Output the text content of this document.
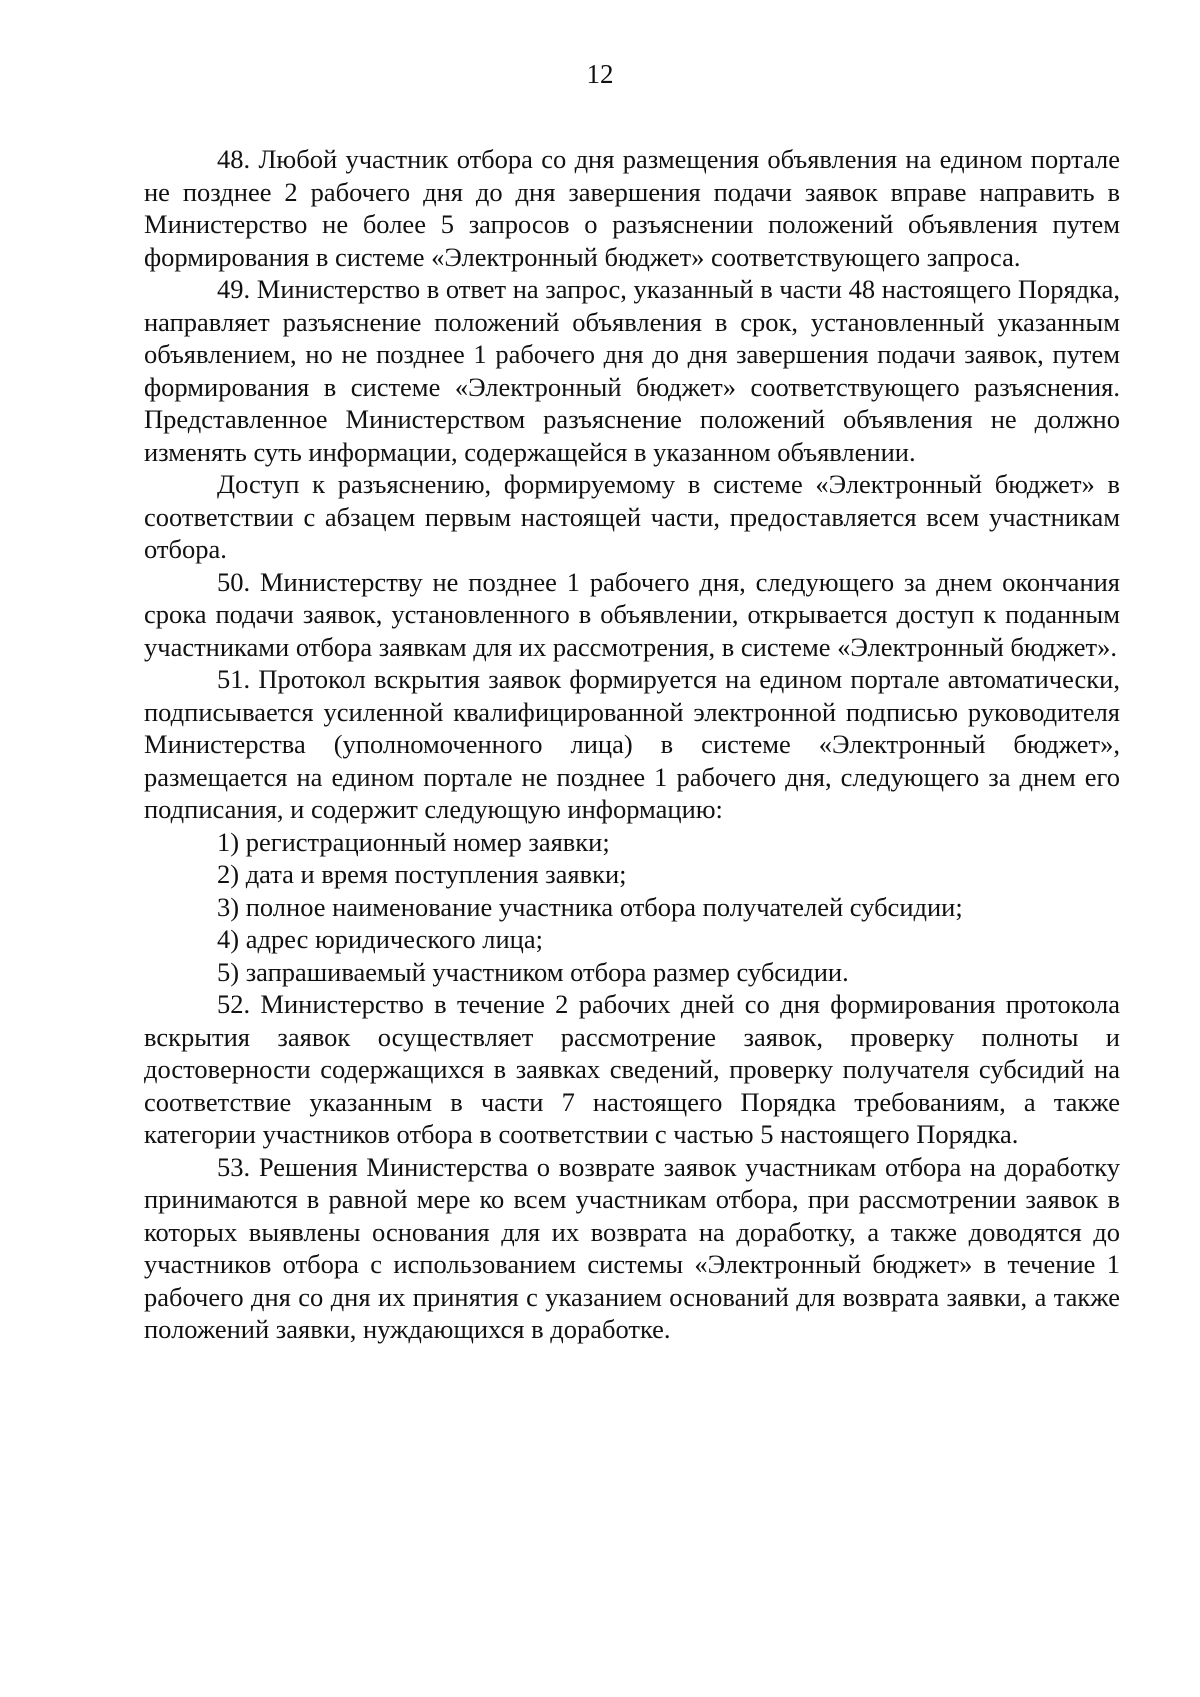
12

48. Любой участник отбора со дня размещения объявления на едином портале не позднее 2 рабочего дня до дня завершения подачи заявок вправе направить в Министерство не более 5 запросов о разъяснении положений объявления путем формирования в системе «Электронный бюджет» соответствующего запроса.

49. Министерство в ответ на запрос, указанный в части 48 настоящего Порядка, направляет разъяснение положений объявления в срок, установленный указанным объявлением, но не позднее 1 рабочего дня до дня завершения подачи заявок, путем формирования в системе «Электронный бюджет» соответствующего разъяснения. Представленное Министерством разъяснение положений объявления не должно изменять суть информации, содержащейся в указанном объявлении.

Доступ к разъяснению, формируемому в системе «Электронный бюджет» в соответствии с абзацем первым настоящей части, предоставляется всем участникам отбора.

50. Министерству не позднее 1 рабочего дня, следующего за днем окончания срока подачи заявок, установленного в объявлении, открывается доступ к поданным участниками отбора заявкам для их рассмотрения, в системе «Электронный бюджет».

51. Протокол вскрытия заявок формируется на едином портале автоматически, подписывается усиленной квалифицированной электронной подписью руководителя Министерства (уполномоченного лица) в системе «Электронный бюджет», размещается на едином портале не позднее 1 рабочего дня, следующего за днем его подписания, и содержит следующую информацию:

1) регистрационный номер заявки;

2) дата и время поступления заявки;

3) полное наименование участника отбора получателей субсидии;

4) адрес юридического лица;

5) запрашиваемый участником отбора размер субсидии.

52. Министерство в течение 2 рабочих дней со дня формирования протокола вскрытия заявок осуществляет рассмотрение заявок, проверку полноты и достоверности содержащихся в заявках сведений, проверку получателя субсидий на соответствие указанным в части 7 настоящего Порядка требованиям, а также категории участников отбора в соответствии с частью 5 настоящего Порядка.

53. Решения Министерства о возврате заявок участникам отбора на доработку принимаются в равной мере ко всем участникам отбора, при рассмотрении заявок в которых выявлены основания для их возврата на доработку, а также доводятся до участников отбора с использованием системы «Электронный бюджет» в течение 1 рабочего дня со дня их принятия с указанием оснований для возврата заявки, а также положений заявки, нуждающихся в доработке.
